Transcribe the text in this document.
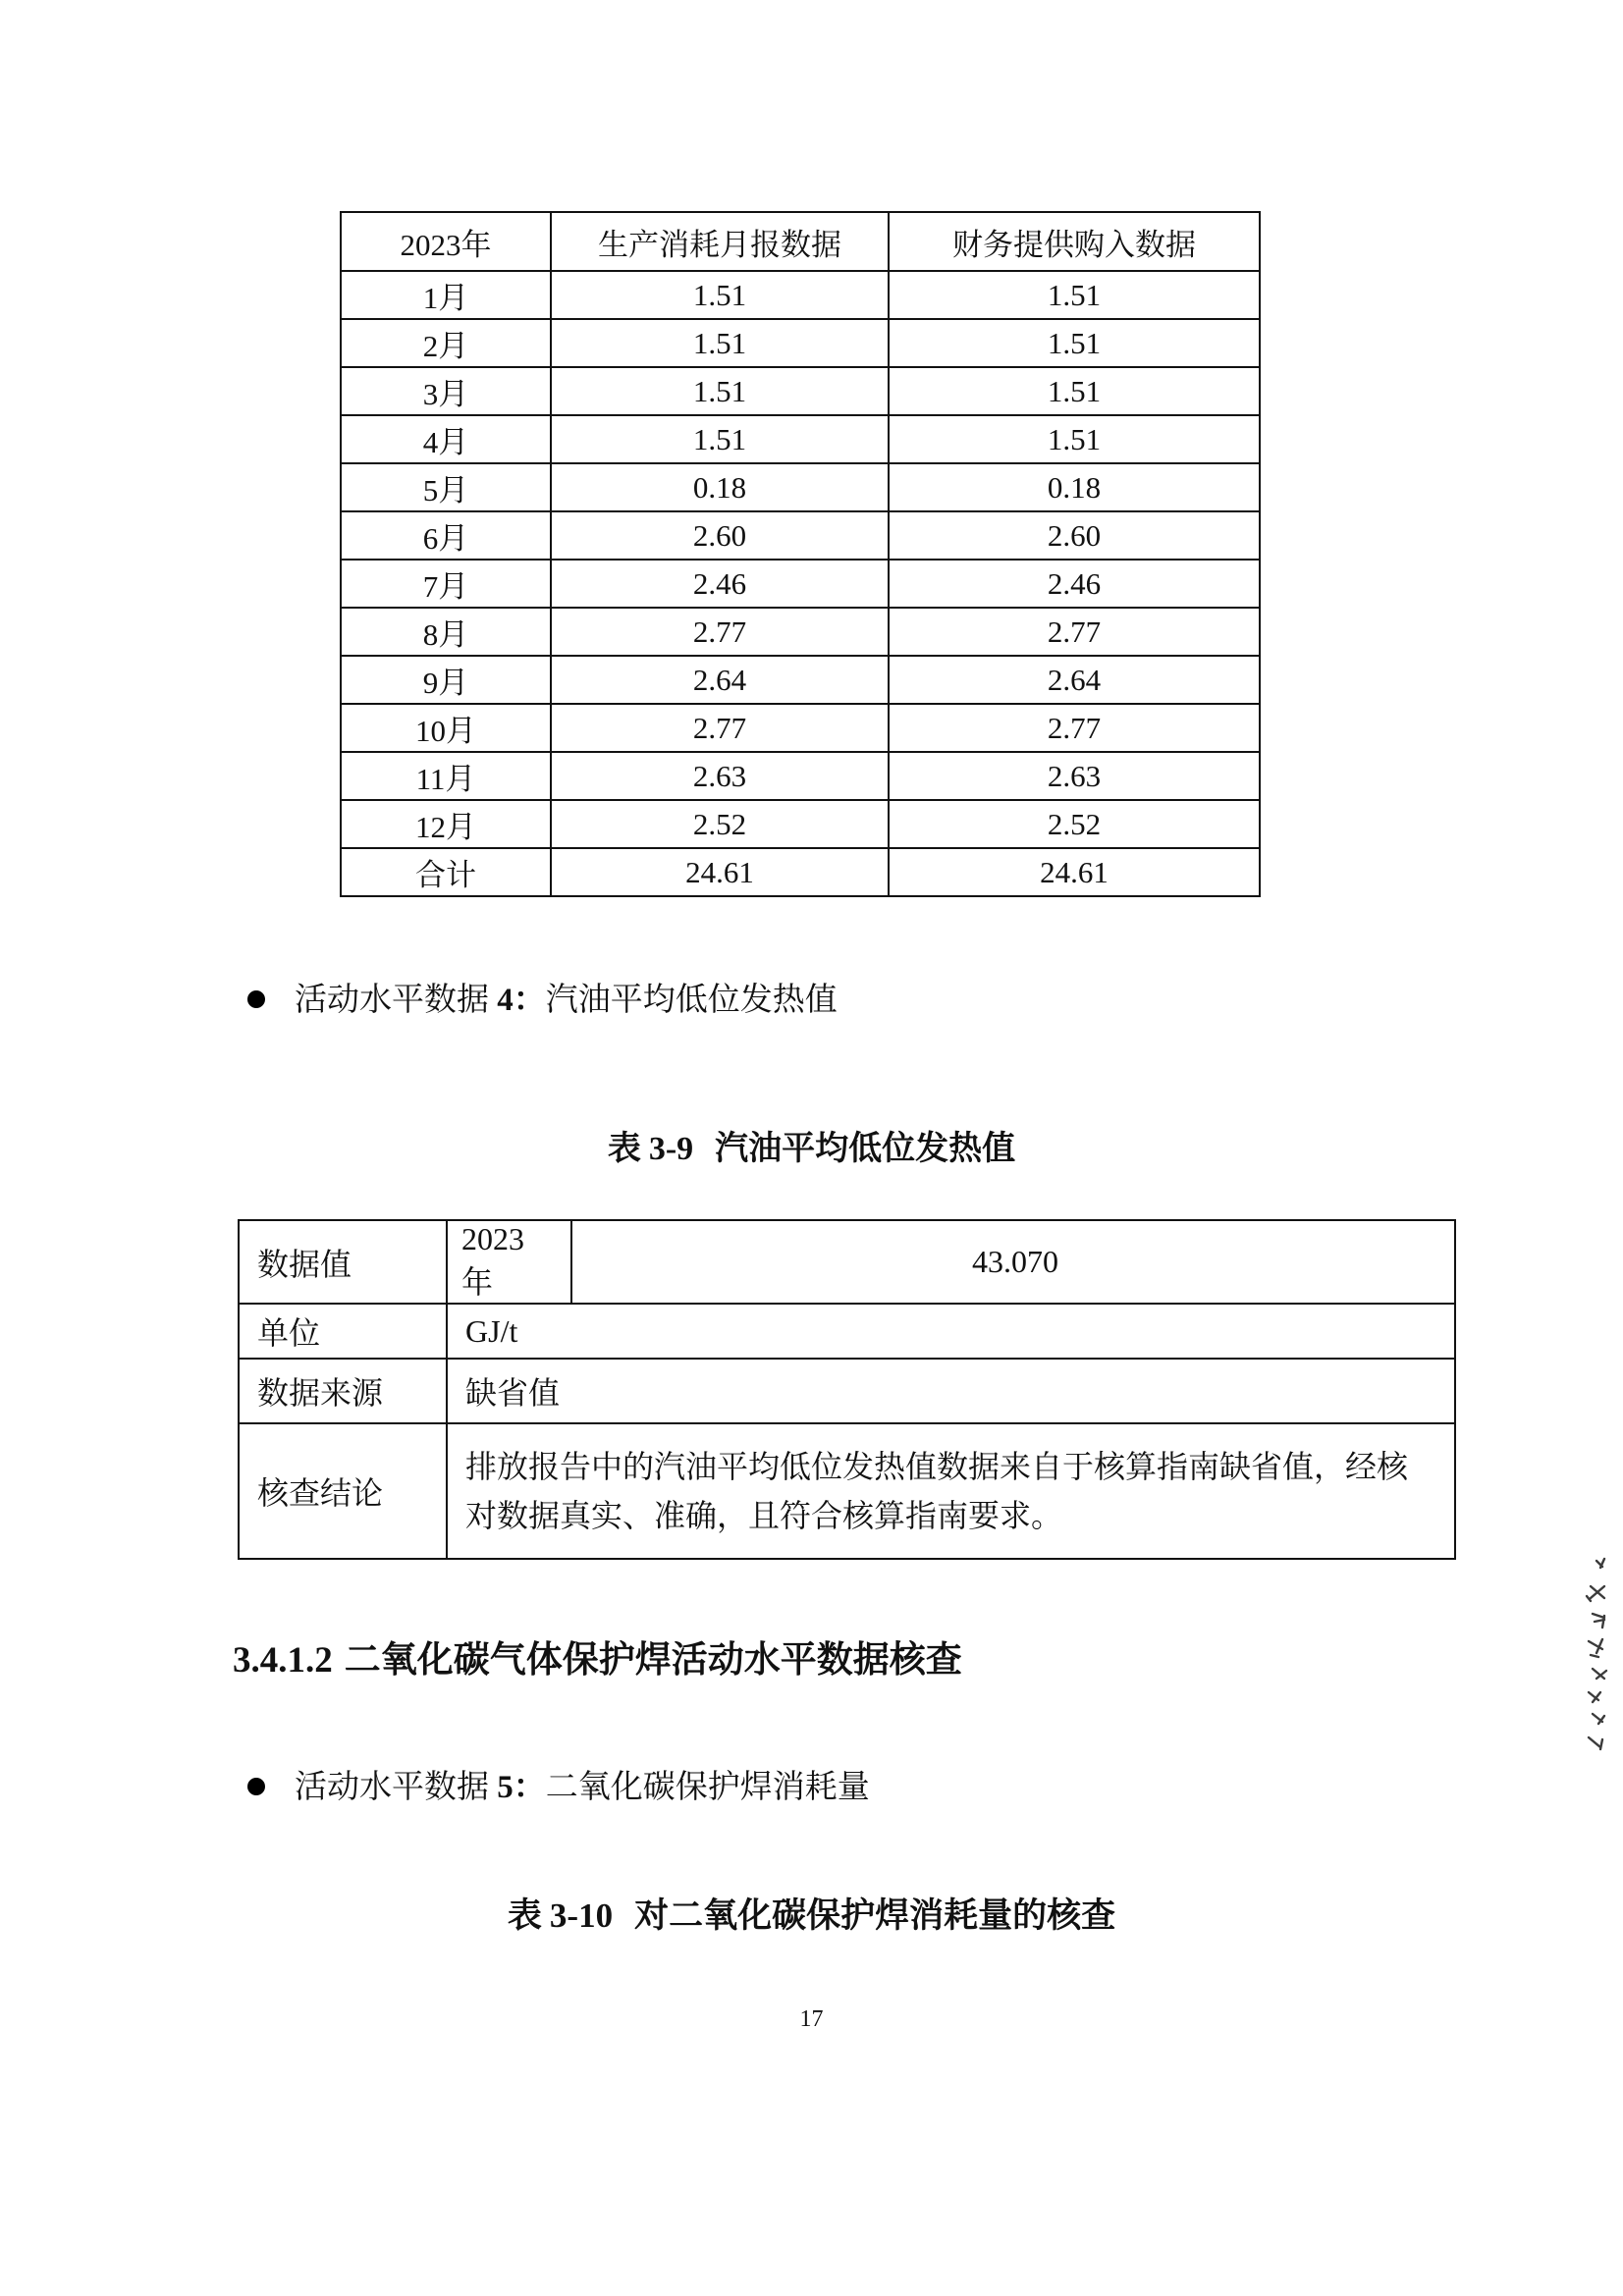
2023年	生产消耗月报数据	财务提供购入数据
1月	1.51	1.51
2月	1.51	1.51
3月	1.51	1.51
4月	1.51	1.51
5月	0.18	0.18
6月	2.60	2.60
7月	2.46	2.46
8月	2.77	2.77
9月	2.64	2.64
10月	2.77	2.77
11月	2.63	2.63
12月	2.52	2.52
合计	24.61	24.61
活动水平数据 4：汽油平均低位发热值
表 3-9 汽油平均低位发热值
数据值	2023 年	43.070
单位	GJ/t	
数据来源	缺省值	
核查结论	排放报告中的汽油平均低位发热值数据来自于核算指南缺省值，经核对数据真实、准确，且符合核算指南要求。	
3.4.1.2 二氧化碳气体保护焊活动水平数据核查
活动水平数据 5：二氧化碳保护焊消耗量
表 3-10 对二氧化碳保护焊消耗量的核查
17
